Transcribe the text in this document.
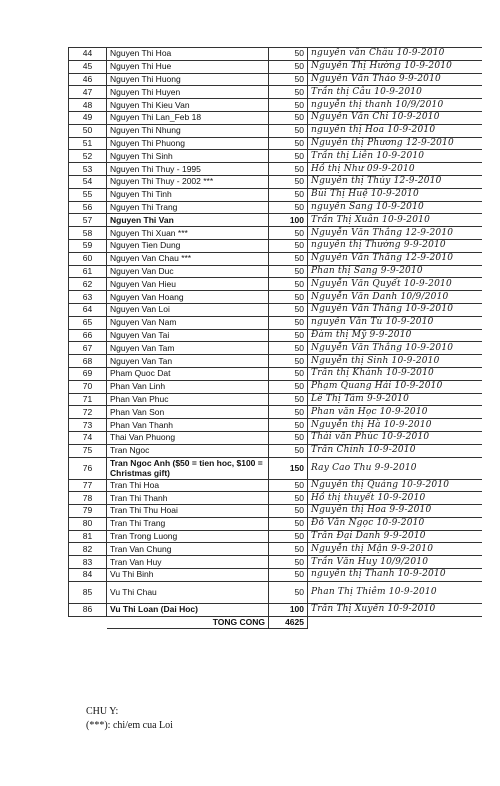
44	Nguyen Thi Hoa	50	nguyễn văn Châu 10-9-2010
45	Nguyen Thi Hue	50	Nguyễn Thị Hường 10-9-2010
46	Nguyen Thi Huong	50	Nguyễn Văn Thảo 9-9-2010
47	Nguyen Thi Huyen	50	Trần thị Câu 10-9-2010
48	Nguyen Thi Kieu Van	50	nguyễn thị thanh 10/9/2010
49	Nguyen Thi Lan_Feb 18	50	Nguyễn Văn Chi 10-9-2010
50	Nguyen Thi Nhung	50	nguyễn thị Hoa 10-9-2010
51	Nguyen Thi Phuong	50	Nguyễn thị Phương 12-9-2010
52	Nguyen Thi Sinh	50	Trần thị Liên 10-9-2010
53	Nguyen Thi Thuy - 1995	50	Hồ thị Như 09-9-2010
54	Nguyen Thi Thuy - 2002 ***	50	Nguyễn thị Thủy 12-9-2010
55	Nguyen Thi Tinh	50	Bùi Thị Huệ 10-9-2010
56	Nguyen Thi Trang	50	nguyễn Sang 10-9-2010
57	Nguyen Thi Van	100	Trần Thị Xuân 10-9-2010
58	Nguyen Thi Xuan ***	50	Nguyễn Văn Thắng 12-9-2010
59	Nguyen Tien Dung	50	nguyễn thị Thường 9-9-2010
60	Nguyen Van Chau ***	50	Nguyễn Văn Thắng 12-9-2010
61	Nguyen Van Duc	50	Phan thị Sang 9-9-2010
62	Nguyen Van Hieu	50	Nguyễn Văn Quyết 10-9-2010
63	Nguyen Van Hoang	50	Nguyễn Văn Danh 10/9/2010
64	Nguyen Van Loi	50	Nguyễn Văn Thắng 10-9-2010
65	Nguyen Van Nam	50	nguyễn Văn Tú 10-9-2010
66	Nguyen Van Tai	50	Đàm thị Mỹ 9-9-2010
67	Nguyen Van Tam	50	Nguyễn Văn Thắng 10-9-2010
68	Nguyen Van Tan	50	Nguyễn thị Sinh 10-9-2010
69	Pham Quoc Dat	50	Trần thị Khánh 10-9-2010
70	Phan Van Linh	50	Phạm Quang Hải 10-9-2010
71	Phan Van Phuc	50	Lê Thị Tâm 9-9-2010
72	Phan Van Son	50	Phan văn Học 10-9-2010
73	Phan Van Thanh	50	Nguyễn thị Hà 10-9-2010
74	Thai Van Phuong	50	Thái văn Phúc 10-9-2010
75	Tran Ngoc	50	Trần Chính 10-9-2010
76	Tran Ngoc Anh ($50 = tien hoc, $100 = Christmas gift)	150	Ray Cao Thu 9-9-2010
77	Tran Thi Hoa	50	Nguyễn thị Quảng 10-9-2010
78	Tran Thi Thanh	50	Hồ thị thuyết 10-9-2010
79	Tran Thi Thu Hoai	50	Nguyễn thị Hoa 9-9-2010
80	Tran Thi Trang	50	Đỗ Văn Ngọc 10-9-2010
81	Tran Trong Luong	50	Trần Đại Danh 9-9-2010
82	Tran Van Chung	50	Nguyễn thị Mận 9-9-2010
83	Tran Van Huy	50	Trần Văn Huy 10/9/2010
84	Vu Thi Binh	50	nguyễn thị Thanh 10-9-2010
85	Vu Thi Chau	50	Phan Thị Thiêm 10-9-2010
86	Vu Thi Loan (Dai Hoc)	100	Trần Thị Xuyến 10-9-2010
	TONG CONG	4625	
CHU Y:
(***): chi/em cua Loi
